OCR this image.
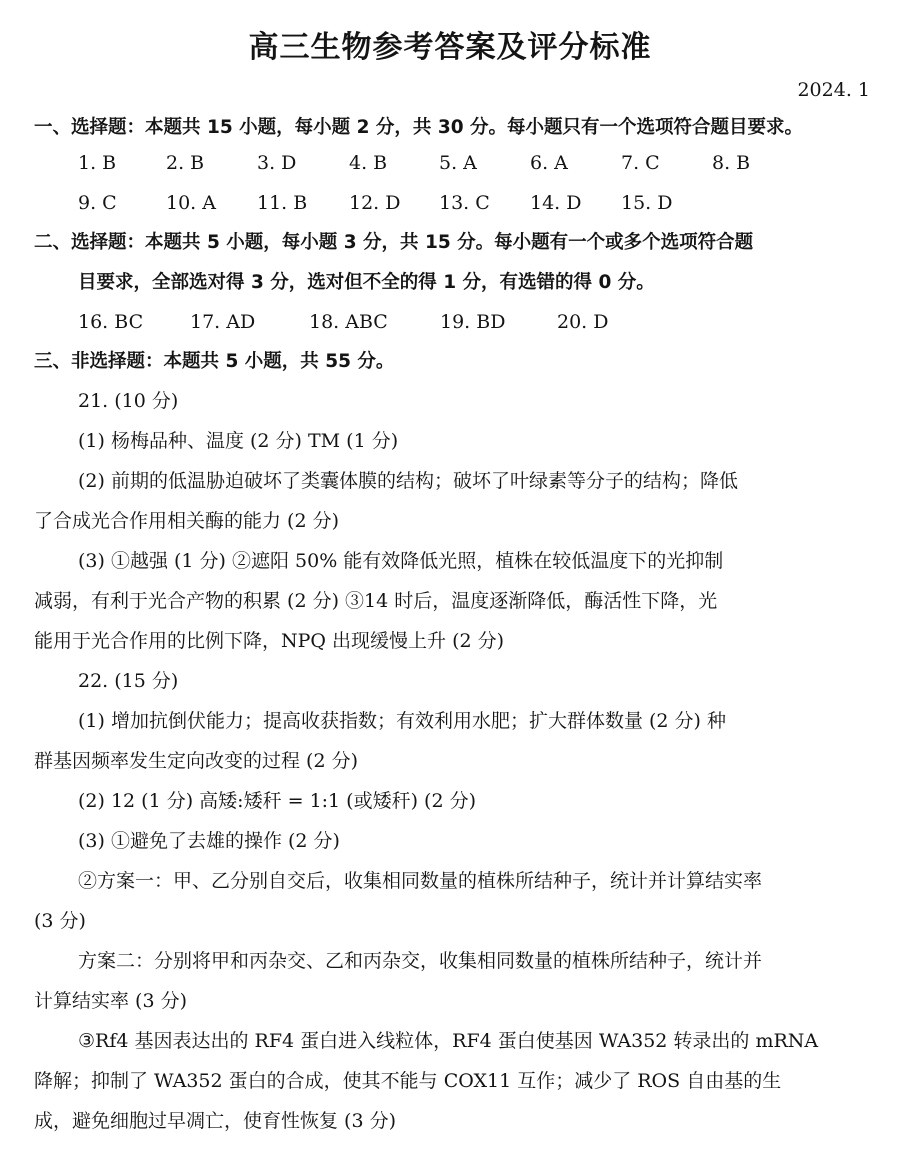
高三生物参考答案及评分标准
2024. 1
一、选择题：本题共 15 小题，每小题 2 分，共 30 分。每小题只有一个选项符合题目要求。
1. B	2. B	3. D	4. B	5. A	6. A	7. C	8. B
9. C	10. A 11. B 12. D 13. C 14. D 15. D
二、选择题：本题共 5 小题，每小题 3 分，共 15 分。每小题有一个或多个选项符合题
目要求，全部选对得 3 分，选对但不全的得 1 分，有选错的得 0 分。
16. BC 17. AD	18. ABC	19. BD	20. D
三、非选择题：本题共 5 小题，共 55 分。
21. (10 分)
(1) 杨梅品种、温度 (2 分) TM (1 分)
(2) 前期的低温胁迫破坏了类囊体膜的结构；破坏了叶绿素等分子的结构；降低
了合成光合作用相关酶的能力 (2 分)
(3) ①越强 (1 分) ②遮阳 50% 能有效降低光照，植株在较低温度下的光抑制
减弱，有利于光合产物的积累 (2 分) ③14 时后，温度逐渐降低，酶活性下降，光
能用于光合作用的比例下降，NPQ 出现缓慢上升 (2 分)
22. (15 分)
(1) 增加抗倒伏能力；提高收获指数；有效利用水肥；扩大群体数量 (2 分) 种
群基因频率发生定向改变的过程 (2 分)
(2) 12 (1 分) 高矮:矮秆 = 1:1 (或矮秆) (2 分)
(3) ①避免了去雄的操作 (2 分)
②方案一：甲、乙分别自交后，收集相同数量的植株所结种子，统计并计算结实率
(3 分)
方案二：分别将甲和丙杂交、乙和丙杂交，收集相同数量的植株所结种子，统计并
计算结实率 (3 分)
③Rf4 基因表达出的 RF4 蛋白进入线粒体，RF4 蛋白使基因 WA352 转录出的 mRNA
降解；抑制了 WA352 蛋白的合成，使其不能与 COX11 互作；减少了 ROS 自由基的生
成，避免细胞过早凋亡，使育性恢复 (3 分)
